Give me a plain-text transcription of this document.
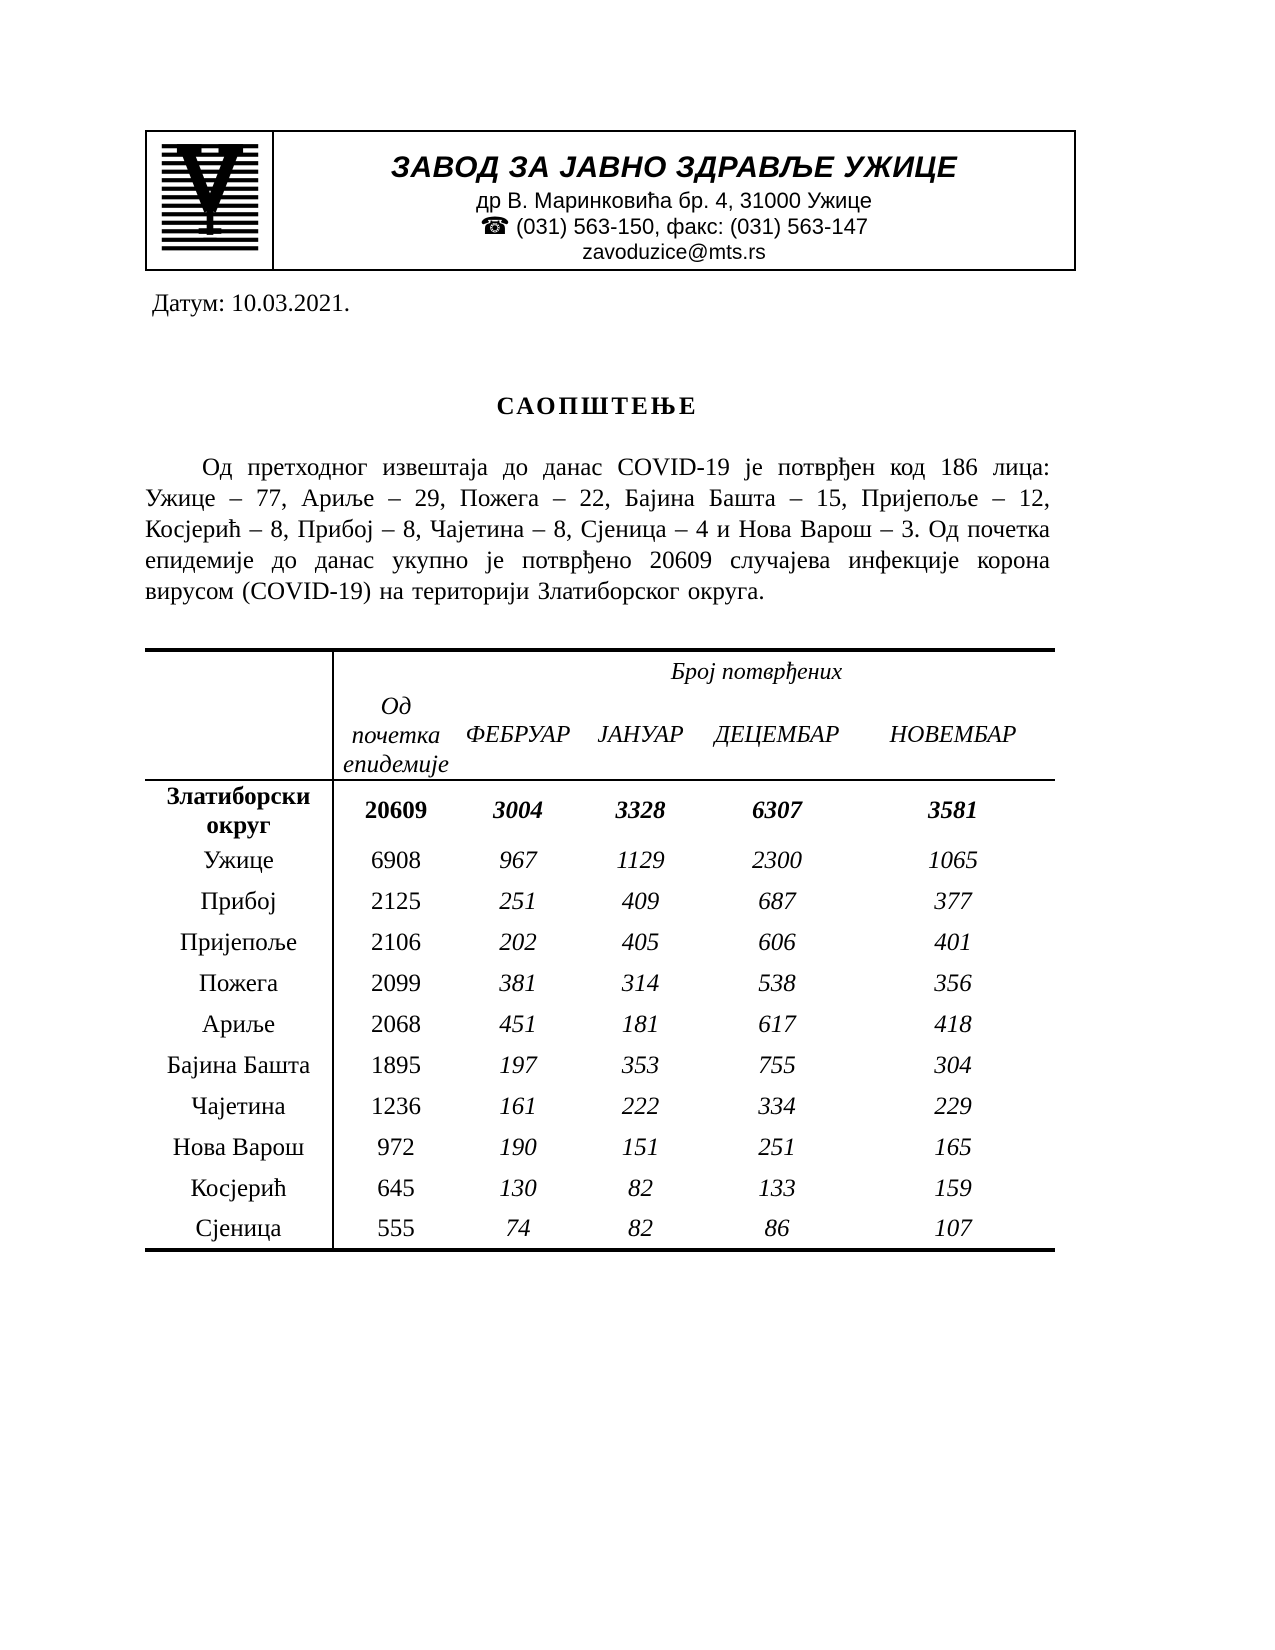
ЗАВОД ЗА ЈАВНО ЗДРАВЉЕ УЖИЦЕ
др В. Маринковића бр. 4, 31000 Ужице
☎ (031) 563-150, факс: (031) 563-147
zavoduzice@mts.rs
Датум: 10.03.2021.
САОПШТЕЊЕ
Од претходног извештаја до данас COVID-19 је потврђен код 186 лица: Ужице – 77, Ариље – 29, Пожега – 22, Бајина Башта – 15, Пријепоље – 12, Косјерић – 8, Прибој – 8, Чајетина – 8, Сјеница – 4 и Нова Варош – 3. Од почетка епидемије до данас укупно је потврђено 20609 случајева инфекције корона вирусом (COVID-19) на територији Златиборског округа.
		Број потврђених			
	Од почетка епидемије	ФЕБРУАР	ЈАНУАР	ДЕЦЕМБАР	НОВЕМБАР
Златиборски округ	20609	3004	3328	6307	3581
Ужице	6908	967	1129	2300	1065
Прибој	2125	251	409	687	377
Пријепоље	2106	202	405	606	401
Пожега	2099	381	314	538	356
Ариље	2068	451	181	617	418
Бајина Башта	1895	197	353	755	304
Чајетина	1236	161	222	334	229
Нова Варош	972	190	151	251	165
Косјерић	645	130	82	133	159
Сјеница	555	74	82	86	107
